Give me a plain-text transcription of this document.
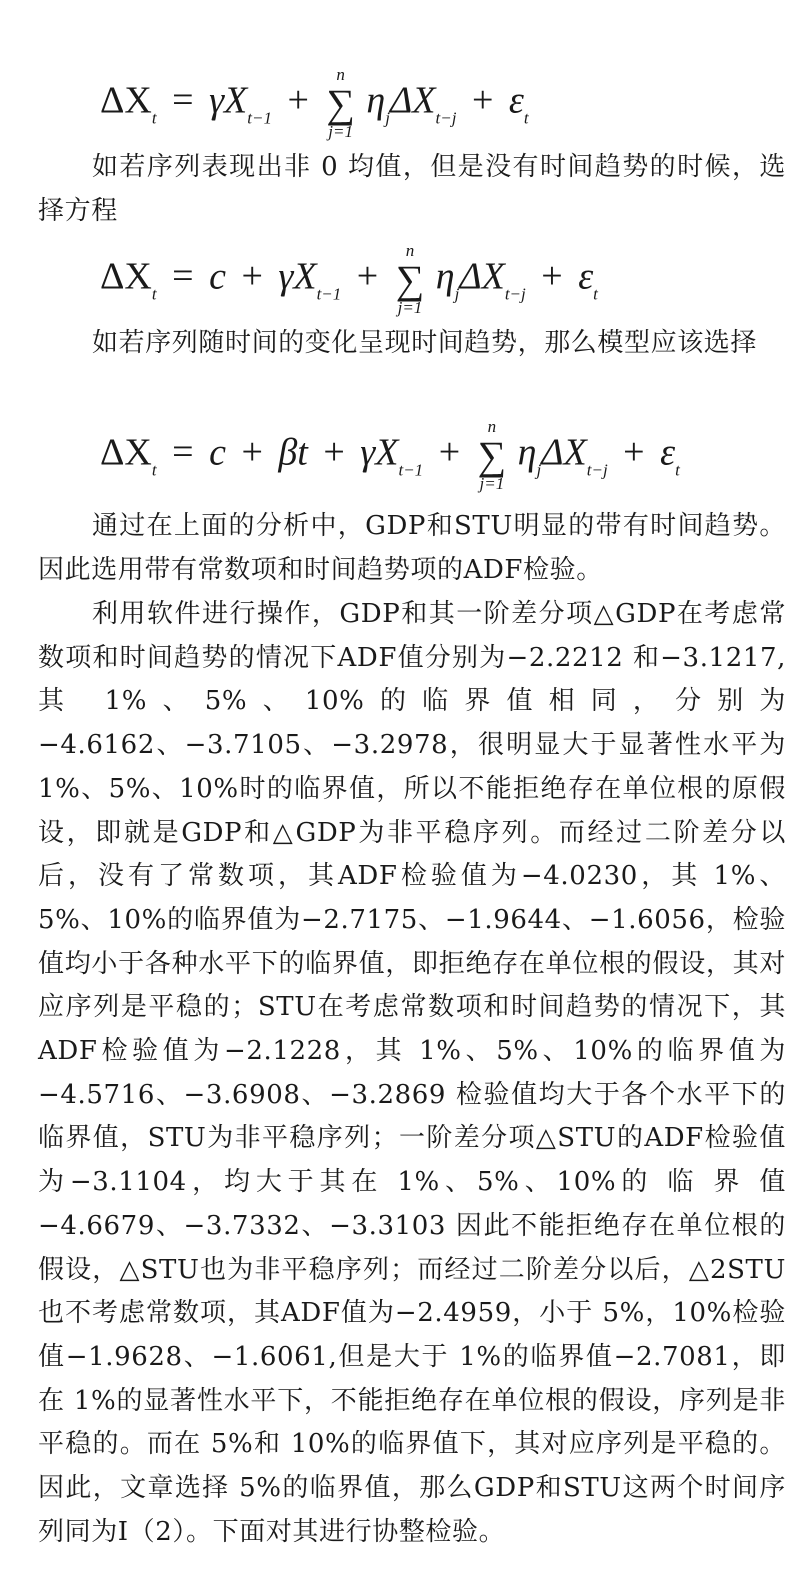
$\Delta X_t = \gamma X_{t-1}$ +
n
∑
j=1
$\eta_j\Delta X_{t-j} + \varepsilon_t$

如若序列表现出非 0 均值，但是没有时间趋势的时候，选择方程

$\Delta X_t = c + \gamma X_{t-1}$ +
n
∑
j=1
$\eta_j\Delta X_{t-j} + \varepsilon_t$

如若序列随时间的变化呈现时间趋势，那么模型应该选择

$\Delta X_t = c + \beta t + \gamma X_{t-1}$ +
n
∑
j=1
$\eta_j\Delta X_{t-j} + \varepsilon_t$

通过在上面的分析中，GDP和STU明显的带有时间趋势。因此选用带有常数项和时间趋势项的ADF检验。

利用软件进行操作，GDP和其一阶差分项△GDP在考虑常数项和时间趋势的情况下ADF值分别为−2.2212 和−3.1217,其 1%、5%、10%的临界值相同，分别为−4.6162、−3.7105、−3.2978，很明显大于显著性水平为 1%、5%、10%时的临界值，所以不能拒绝存在单位根的原假设，即就是GDP和△GDP为非平稳序列。而经过二阶差分以后，没有了常数项，其ADF检验值为−4.0230，其 1%、5%、10%的临界值为−2.7175、−1.9644、−1.6056，检验值均小于各种水平下的临界值，即拒绝存在单位根的假设，其对应序列是平稳的；STU在考虑常数项和时间趋势的情况下，其ADF检验值为−2.1228，其 1%、5%、10%的临界值为−4.5716、−3.6908、−3.2869 检验值均大于各个水平下的临界值，STU为非平稳序列；一阶差分项△STU的ADF检验值为−3.1104，均大于其在 1%、5%、10%的 临 界 值−4.6679、−3.7332、−3.3103 因此不能拒绝存在单位根的假设，△STU也为非平稳序列；而经过二阶差分以后，△2STU也不考虑常数项，其ADF值为−2.4959，小于 5%，10%检验值−1.9628、−1.6061,但是大于 1%的临界值−2.7081，即在 1%的显著性水平下，不能拒绝存在单位根的假设，序列是非平稳的。而在 5%和 10%的临界值下，其对应序列是平稳的。因此，文章选择 5%的临界值，那么GDP和STU这两个时间序列同为I（2）。下面对其进行协整检验。
